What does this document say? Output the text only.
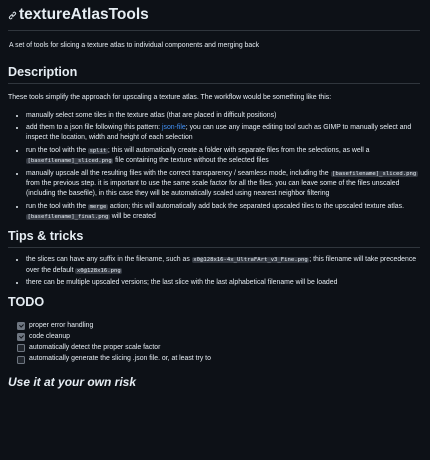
textureAtlasTools

A set of tools for slicing a texture atlas to individual components and merging back

Description

These tools simplify the approach for upscaling a texture atlas. The workflow would be something like this:

• manually select some tiles in the texture atlas (that are placed in difficult positions)
• add them to a json file following this pattern: json-file; you can use any image editing tool such as GIMP to manually select and inspect the location, width and height of each selection
• run the tool with the split ; this will automatically create a folder with separate files from the selections, as well a [basefilename]_sliced.png file containing the texture without the selected files
• manually upscale all the resulting files with the correct transparency / seamless mode, including the [basefilename]_sliced.png from the previous step. it is important to use the same scale factor for all the files. you can leave some of the files unscaled (including the basefile), in this case they will be automatically scaled using nearest neighbor filtering
• run the tool with the merge action; this will automatically add back the separated upscaled tiles to the upscaled texture atlas. [basefilename]_final.png will be created
Tips & tricks
• the slices can have any suffix in the filename, such as x0@128x16-4x_UltraFArt_v3_Fine.png ; this filename will take precedence over the default x0@128x16.png
• there can be multiple upscaled versions; the last slice with the last alphabetical filename will be loaded
TODO
proper error handling
code cleanup
automatically detect the proper scale factor
automatically generate the slicing .json file. or, at least try to
Use it at your own risk
